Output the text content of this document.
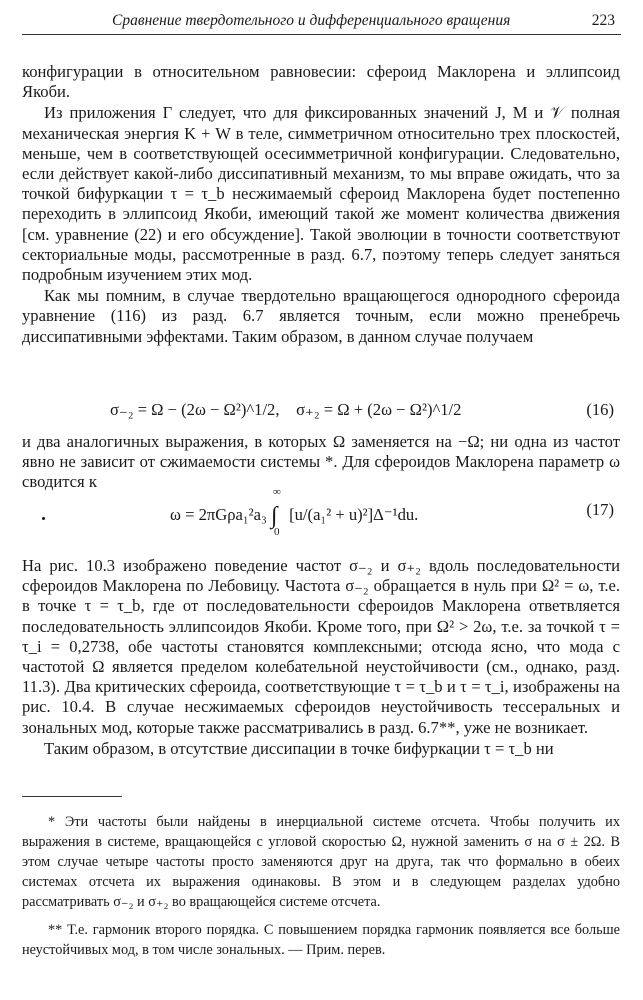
Сравнение твердотельного и дифференциального вращения	223

конфигурации в относительном равновесии: сфероид Маклорена и эллипсоид Якоби.

Из приложения Г следует, что для фиксированных значений J, M и 𝒱 полная механическая энергия K + W в теле, симметричном относительно трех плоскостей, меньше, чем в соответствующей осесимметричной конфигурации. Следовательно, если действует какой-либо диссипативный механизм, то мы вправе ожидать, что за точкой бифуркации τ = τ_b несжимаемый сфероид Маклорена будет постепенно переходить в эллипсоид Якоби, имеющий такой же момент количества движения [см. уравнение (22) и его обсуждение]. Такой эволюции в точности соответствуют секториальные моды, рассмотренные в разд. 6.7, поэтому теперь следует заняться подробным изучением этих мод.

Как мы помним, в случае твердотельно вращающегося однородного сфероида уравнение (116) из разд. 6.7 является точным, если можно пренебречь диссипативными эффектами. Таким образом, в данном случае получаем

σ₋₂ = Ω − (2ω − Ω²)^1/2, σ₊₂ = Ω + (2ω − Ω²)^1/2	(16)

и два аналогичных выражения, в которых Ω заменяется на −Ω; ни одна из частот явно не зависит от сжимаемости системы *. Для сфероидов Маклорена параметр ω сводится к

ω = 2πGρa₁²a₃
∞
∫
0
[u/(a₁² + u)²]Δ⁻¹du.	(17)

На рис. 10.3 изображено поведение частот σ₋₂ и σ₊₂ вдоль последовательности сфероидов Маклорена по Лебовицу. Частота σ₋₂ обращается в нуль при Ω² = ω, т.е. в точке τ = τ_b, где от последовательности сфероидов Маклорена ответвляется последовательность эллипсоидов Якоби. Кроме того, при Ω² > 2ω, т.е. за точкой τ = τ_i = 0,2738, обе частоты становятся комплексными; отсюда ясно, что мода с частотой Ω является пределом колебательной неустойчивости (см., однако, разд. 11.3). Два критических сфероида, соответствующие τ = τ_b и τ = τ_i, изображены на рис. 10.4. В случае несжимаемых сфероидов неустойчивость тессеральных и зональных мод, которые также рассматривались в разд. 6.7**, уже не возникает.

Таким образом, в отсутствие диссипации в точке бифуркации τ = τ_b ни

* Эти частоты были найдены в инерциальной системе отсчета. Чтобы получить их выражения в системе, вращающейся с угловой скоростью Ω, нужной заменить σ на σ ± 2Ω. В этом случае четыре частоты просто заменяются друг на друга, так что формально в обеих системах отсчета их выражения одинаковы. В этом и в следующем разделах удобно рассматривать σ₋₂ и σ₊₂ во вращающейся системе отсчета.

** Т.е. гармоник второго порядка. С повышением порядка гармоник появляется все больше неустойчивых мод, в том числе зональных. — Прим. перев.
